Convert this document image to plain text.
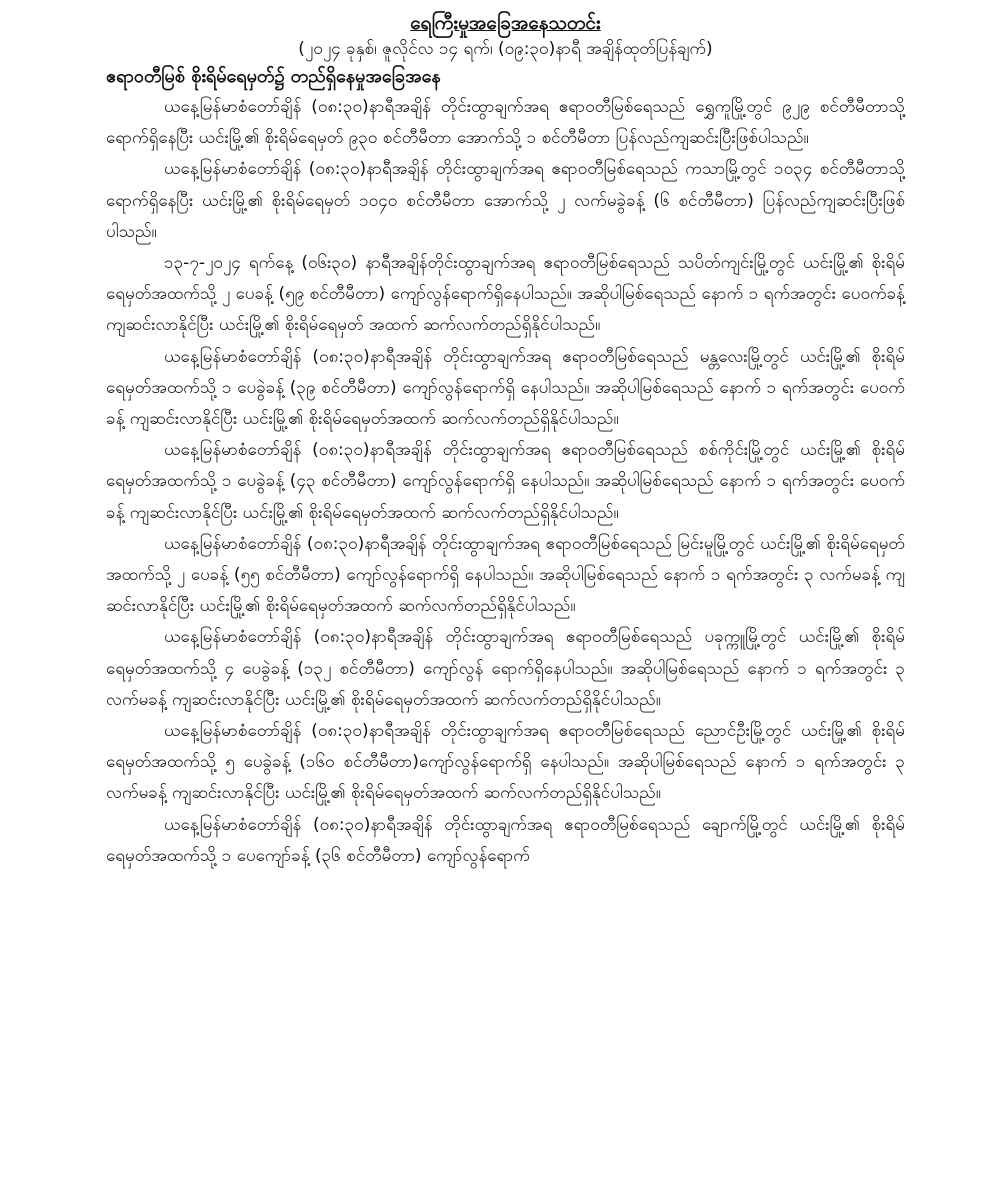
ရေကြီးမှုအခြေအနေသတင်း

(၂၀၂၄ ခုနှစ်၊ ဇူလိုင်လ ၁၄ ရက်၊ (၀၉:၃၀)နာရီ အချိန်ထုတ်ပြန်ချက်)

ဧရာဝတီမြစ် စိုးရိမ်ရေမှတ်၌ တည်ရှိနေမှုအခြေအနေ

ယနေ့မြန်မာစံတော်ချိန် (၀၈:၃၀)နာရီအချိန် တိုင်းထွာချက်အရ ဧရာဝတီမြစ်ရေသည် ရွှေကူမြို့တွင် ၉၂၉ စင်တီမီတာသို့ ရောက်ရှိနေပြီး ယင်းမြို့၏ စိုးရိမ်ရေမှတ် ၉၃၀ စင်တီမီတာ အောက်သို့ ၁ စင်တီမီတာ ပြန်လည်ကျဆင်းပြီးဖြစ်ပါသည်။

ယနေ့မြန်မာစံတော်ချိန် (၀၈:၃၀)နာရီအချိန် တိုင်းထွာချက်အရ ဧရာဝတီမြစ်ရေသည် ကသာမြို့တွင် ၁၀၃၄ စင်တီမီတာသို့ ရောက်ရှိနေပြီး ယင်းမြို့၏ စိုးရိမ်ရေမှတ် ၁၀၄၀ စင်တီမီတာ အောက်သို့ ၂ လက်မခွဲခန့် (၆ စင်တီမီတာ) ပြန်လည်ကျဆင်းပြီးဖြစ်ပါသည်။

၁၃-၇-၂၀၂၄ ရက်နေ့ (၀၆း၃၀) နာရီအချိန်တိုင်းထွာချက်အရ ဧရာဝတီမြစ်ရေသည် သပိတ်ကျင်းမြို့တွင် ယင်းမြို့၏ စိုးရိမ်ရေမှတ်အထက်သို့ ၂ ပေခန့် (၅၉ စင်တီမီတာ) ကျော်လွန်ရောက်ရှိနေပါသည်။ အဆိုပါမြစ်ရေသည် နောက် ၁ ရက်အတွင်း ပေဝက်ခန့် ကျဆင်းလာနိုင်ပြီး ယင်းမြို့၏ စိုးရိမ်ရေမှတ် အထက် ဆက်လက်တည်ရှိနိုင်ပါသည်။

ယနေ့မြန်မာစံတော်ချိန် (၀၈:၃၀)နာရီအချိန် တိုင်းထွာချက်အရ ဧရာဝတီမြစ်ရေသည် မန္တလေးမြို့တွင် ယင်းမြို့၏ စိုးရိမ်ရေမှတ်အထက်သို့ ၁ ပေခွဲခန့် (၃၉ စင်တီမီတာ) ကျော်လွန်ရောက်ရှိ နေပါသည်။ အဆိုပါမြစ်ရေသည် နောက် ၁ ရက်အတွင်း ပေဝက်ခန့် ကျဆင်းလာနိုင်ပြီး ယင်းမြို့၏ စိုးရိမ်ရေမှတ်အထက် ဆက်လက်တည်ရှိနိုင်ပါသည်။

ယနေ့မြန်မာစံတော်ချိန် (၀၈:၃၀)နာရီအချိန် တိုင်းထွာချက်အရ ဧရာဝတီမြစ်ရေသည် စစ်ကိုင်းမြို့တွင် ယင်းမြို့၏ စိုးရိမ်ရေမှတ်အထက်သို့ ၁ ပေခွဲခန့် (၄၃ စင်တီမီတာ) ကျော်လွန်ရောက်ရှိ နေပါသည်။ အဆိုပါမြစ်ရေသည် နောက် ၁ ရက်အတွင်း ပေဝက်ခန့် ကျဆင်းလာနိုင်ပြီး ယင်းမြို့၏ စိုးရိမ်ရေမှတ်အထက် ဆက်လက်တည်ရှိနိုင်ပါသည်။

ယနေ့မြန်မာစံတော်ချိန် (၀၈:၃၀)နာရီအချိန် တိုင်းထွာချက်အရ ဧရာဝတီမြစ်ရေသည် မြင်းမူမြို့တွင် ယင်းမြို့၏ စိုးရိမ်ရေမှတ်အထက်သို့ ၂ ပေခန့် (၅၅ စင်တီမီတာ) ကျော်လွန်ရောက်ရှိ နေပါသည်။ အဆိုပါမြစ်ရေသည် နောက် ၁ ရက်အတွင်း ၃ လက်မခန့် ကျဆင်းလာနိုင်ပြီး ယင်းမြို့၏ စိုးရိမ်ရေမှတ်အထက် ဆက်လက်တည်ရှိနိုင်ပါသည်။

ယနေ့မြန်မာစံတော်ချိန် (၀၈:၃၀)နာရီအချိန် တိုင်းထွာချက်အရ ဧရာဝတီမြစ်ရေသည် ပခုက္ကူမြို့တွင် ယင်းမြို့၏ စိုးရိမ်ရေမှတ်အထက်သို့ ၄ ပေခွဲခန့် (၁၃၂ စင်တီမီတာ) ကျော်လွန် ရောက်ရှိနေပါသည်။ အဆိုပါမြစ်ရေသည် နောက် ၁ ရက်အတွင်း ၃ လက်မခန့် ကျဆင်းလာနိုင်ပြီး ယင်းမြို့၏ စိုးရိမ်ရေမှတ်အထက် ဆက်လက်တည်ရှိနိုင်ပါသည်။

ယနေ့မြန်မာစံတော်ချိန် (၀၈:၃၀)နာရီအချိန် တိုင်းထွာချက်အရ ဧရာဝတီမြစ်ရေသည် ညောင်ဦးမြို့တွင် ယင်းမြို့၏ စိုးရိမ်ရေမှတ်အထက်သို့ ၅ ပေခွဲခန့် (၁၆၀ စင်တီမီတာ)ကျော်လွန်ရောက်ရှိ နေပါသည်။ အဆိုပါမြစ်ရေသည် နောက် ၁ ရက်အတွင်း ၃ လက်မခန့် ကျဆင်းလာနိုင်ပြီး ယင်းမြို့၏ စိုးရိမ်ရေမှတ်အထက် ဆက်လက်တည်ရှိနိုင်ပါသည်။

ယနေ့မြန်မာစံတော်ချိန် (၀၈:၃၀)နာရီအချိန် တိုင်းထွာချက်အရ ဧရာဝတီမြစ်ရေသည် ချောက်မြို့တွင် ယင်းမြို့၏ စိုးရိမ်ရေမှတ်အထက်သို့ ၁ ပေကျော်ခန့် (၃၆ စင်တီမီတာ) ကျော်လွန်ရောက်
